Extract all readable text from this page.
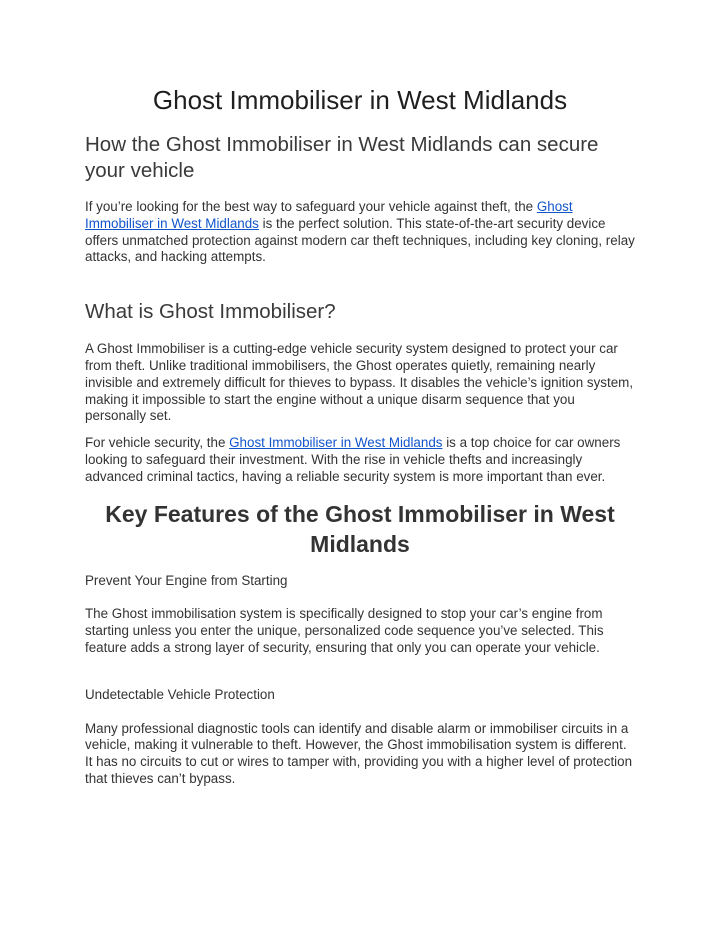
Ghost Immobiliser in West Midlands
How the Ghost Immobiliser in West Midlands can secure your vehicle

If you’re looking for the best way to safeguard your vehicle against theft, the Ghost Immobiliser in West Midlands is the perfect solution. This state-of-the-art security device offers unmatched protection against modern car theft techniques, including key cloning, relay attacks, and hacking attempts.

What is Ghost Immobiliser?

A Ghost Immobiliser is a cutting-edge vehicle security system designed to protect your car from theft. Unlike traditional immobilisers, the Ghost operates quietly, remaining nearly invisible and extremely difficult for thieves to bypass. It disables the vehicle’s ignition system, making it impossible to start the engine without a unique disarm sequence that you personally set.

For vehicle security, the Ghost Immobiliser in West Midlands is a top choice for car owners looking to safeguard their investment. With the rise in vehicle thefts and increasingly advanced criminal tactics, having a reliable security system is more important than ever.

Key Features of the Ghost Immobiliser in West Midlands
Prevent Your Engine from Starting

The Ghost immobilisation system is specifically designed to stop your car’s engine from starting unless you enter the unique, personalized code sequence you’ve selected. This feature adds a strong layer of security, ensuring that only you can operate your vehicle.

Undetectable Vehicle Protection

Many professional diagnostic tools can identify and disable alarm or immobiliser circuits in a vehicle, making it vulnerable to theft. However, the Ghost immobilisation system is different. It has no circuits to cut or wires to tamper with, providing you with a higher level of protection that thieves can’t bypass.
